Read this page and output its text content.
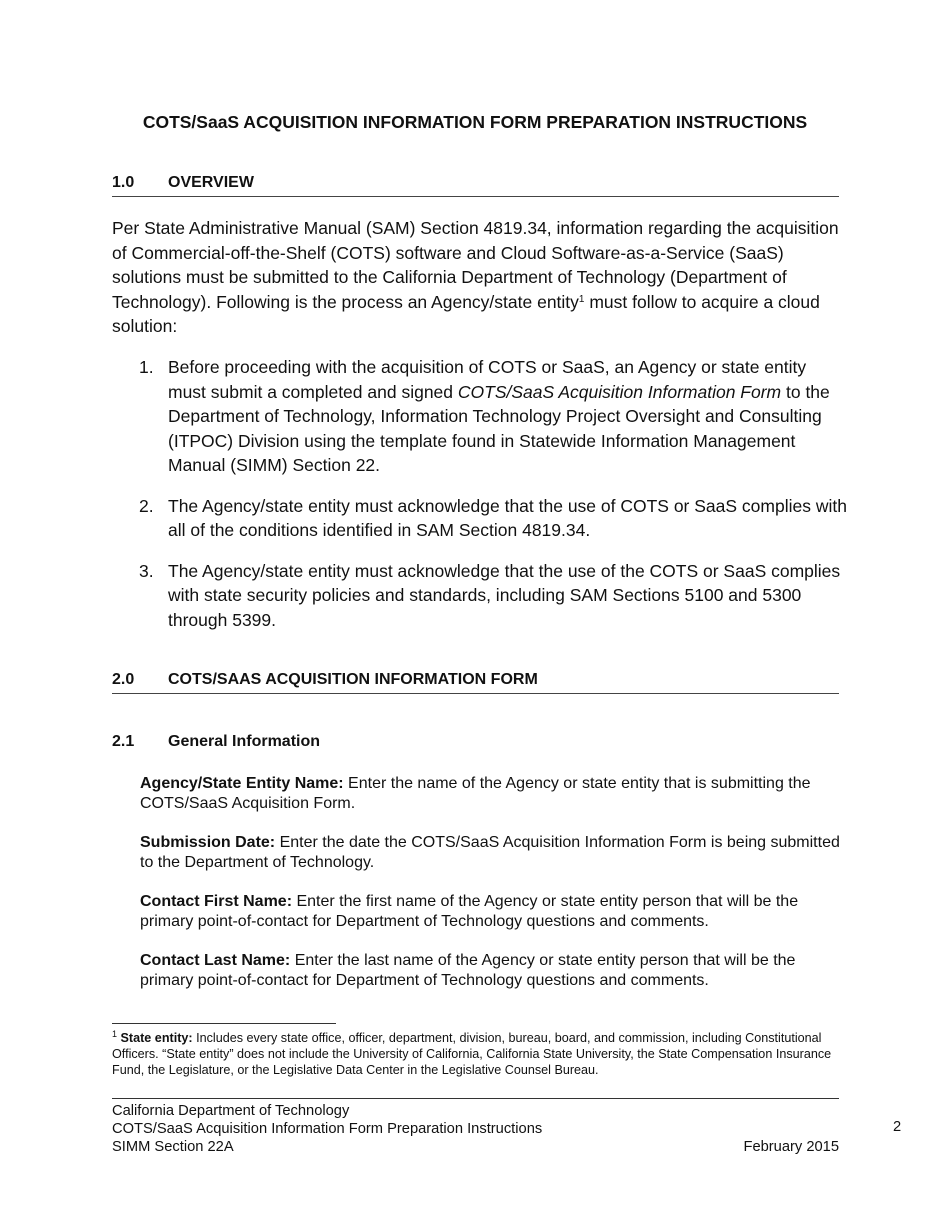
COTS/SaaS ACQUISITION INFORMATION FORM PREPARATION INSTRUCTIONS
1.0 OVERVIEW

Per State Administrative Manual (SAM) Section 4819.34, information regarding the acquisition of Commercial-off-the-Shelf (COTS) software and Cloud Software-as-a-Service (SaaS) solutions must be submitted to the California Department of Technology (Department of Technology). Following is the process an Agency/state entity$^1$ must follow to acquire a cloud solution:

1. Before proceeding with the acquisition of COTS or SaaS, an Agency or state entity must submit a completed and signed COTS/SaaS Acquisition Information Form to the Department of Technology, Information Technology Project Oversight and Consulting (ITPOC) Division using the template found in Statewide Information Management Manual (SIMM) Section 22.
2. The Agency/state entity must acknowledge that the use of COTS or SaaS complies with all of the conditions identified in SAM Section 4819.34.
3. The Agency/state entity must acknowledge that the use of the COTS or SaaS complies with state security policies and standards, including SAM Sections 5100 and 5300 through 5399.
2.0 COTS/SAAS ACQUISITION INFORMATION FORM
2.1 General Information

Agency/State Entity Name: Enter the name of the Agency or state entity that is submitting the COTS/SaaS Acquisition Form.

Submission Date: Enter the date the COTS/SaaS Acquisition Information Form is being submitted to the Department of Technology.

Contact First Name: Enter the first name of the Agency or state entity person that will be the primary point-of-contact for Department of Technology questions and comments.

Contact Last Name: Enter the last name of the Agency or state entity person that will be the primary point-of-contact for Department of Technology questions and comments.

$^1$ State entity: Includes every state office, officer, department, division, bureau, board, and commission, including Constitutional Officers. “State entity” does not include the University of California, California State University, the State Compensation Insurance Fund, the Legislature, or the Legislative Data Center in the Legislative Counsel Bureau.

California Department of Technology
COTS/SaaS Acquisition Information Form Preparation Instructions
SIMM Section 22A	February 2015
2
